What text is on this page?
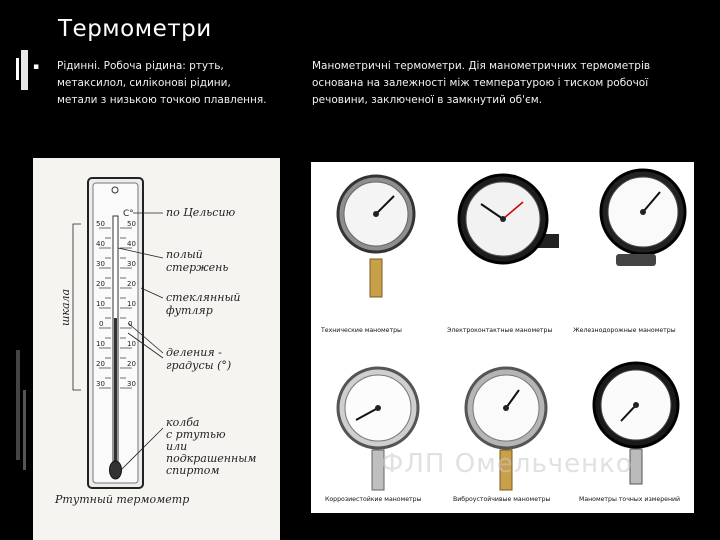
Термометри
▪ Рідинні. Робоча рідина: ртуть, метаксилол, силіконові рідини, метали з низькою точкою плавлення.
Манометричні термометри. Дія манометричних термометрів основана на залежності між температурою і тиском робочої речовини, заключеної в замкнутий об'єм.
50
40
30
20
10
0
10
20
30
50
40
30
20
10
0
10
20
30
C°
шкала
по Цельсию
полый
стержень
стеклянный
футляр
деления -
градусы (°)
колба
с ртутью
или
подкрашенным
спиртом
Ртутный термометр
Технические манометры	Электроконтактные манометры	Железнодорожные манометры
ФЛП Омельченко
Коррозиестойкие манометры	Виброустойчивые манометры	Манометры точных измерений
